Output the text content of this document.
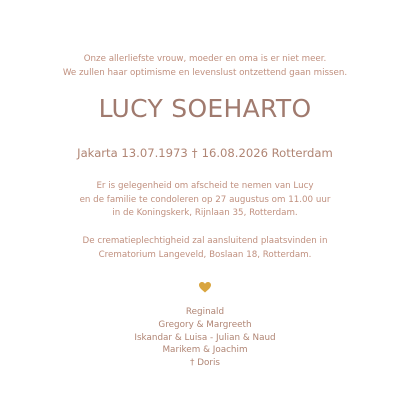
Onze allerliefste vrouw, moeder en oma is er niet meer.
We zullen haar optimisme en levenslust ontzettend gaan missen.
LUCY SOEHARTO
Jakarta 13.07.1973 † 16.08.2026 Rotterdam
Er is gelegenheid om afscheid te nemen van Lucy
en de familie te condoleren op 27 augustus om 11.00 uur
in de Koningskerk, Rijnlaan 35, Rotterdam.
De crematieplechtigheid zal aansluitend plaatsvinden in
Crematorium Langeveld, Boslaan 18, Rotterdam.
Reginald
Gregory & Margreeth
Iskandar & Luisa - Julian & Naud
Marikem & Joachim
† Doris
